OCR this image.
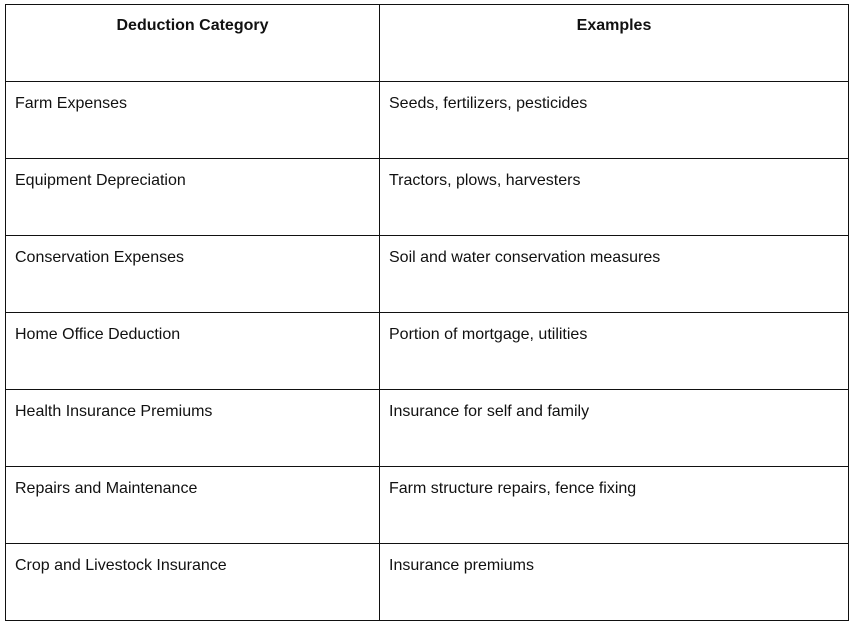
Deduction Category	Examples
Farm Expenses	Seeds, fertilizers, pesticides
Equipment Depreciation	Tractors, plows, harvesters
Conservation Expenses	Soil and water conservation measures
Home Office Deduction	Portion of mortgage, utilities
Health Insurance Premiums	Insurance for self and family
Repairs and Maintenance	Farm structure repairs, fence fixing
Crop and Livestock Insurance	Insurance premiums
